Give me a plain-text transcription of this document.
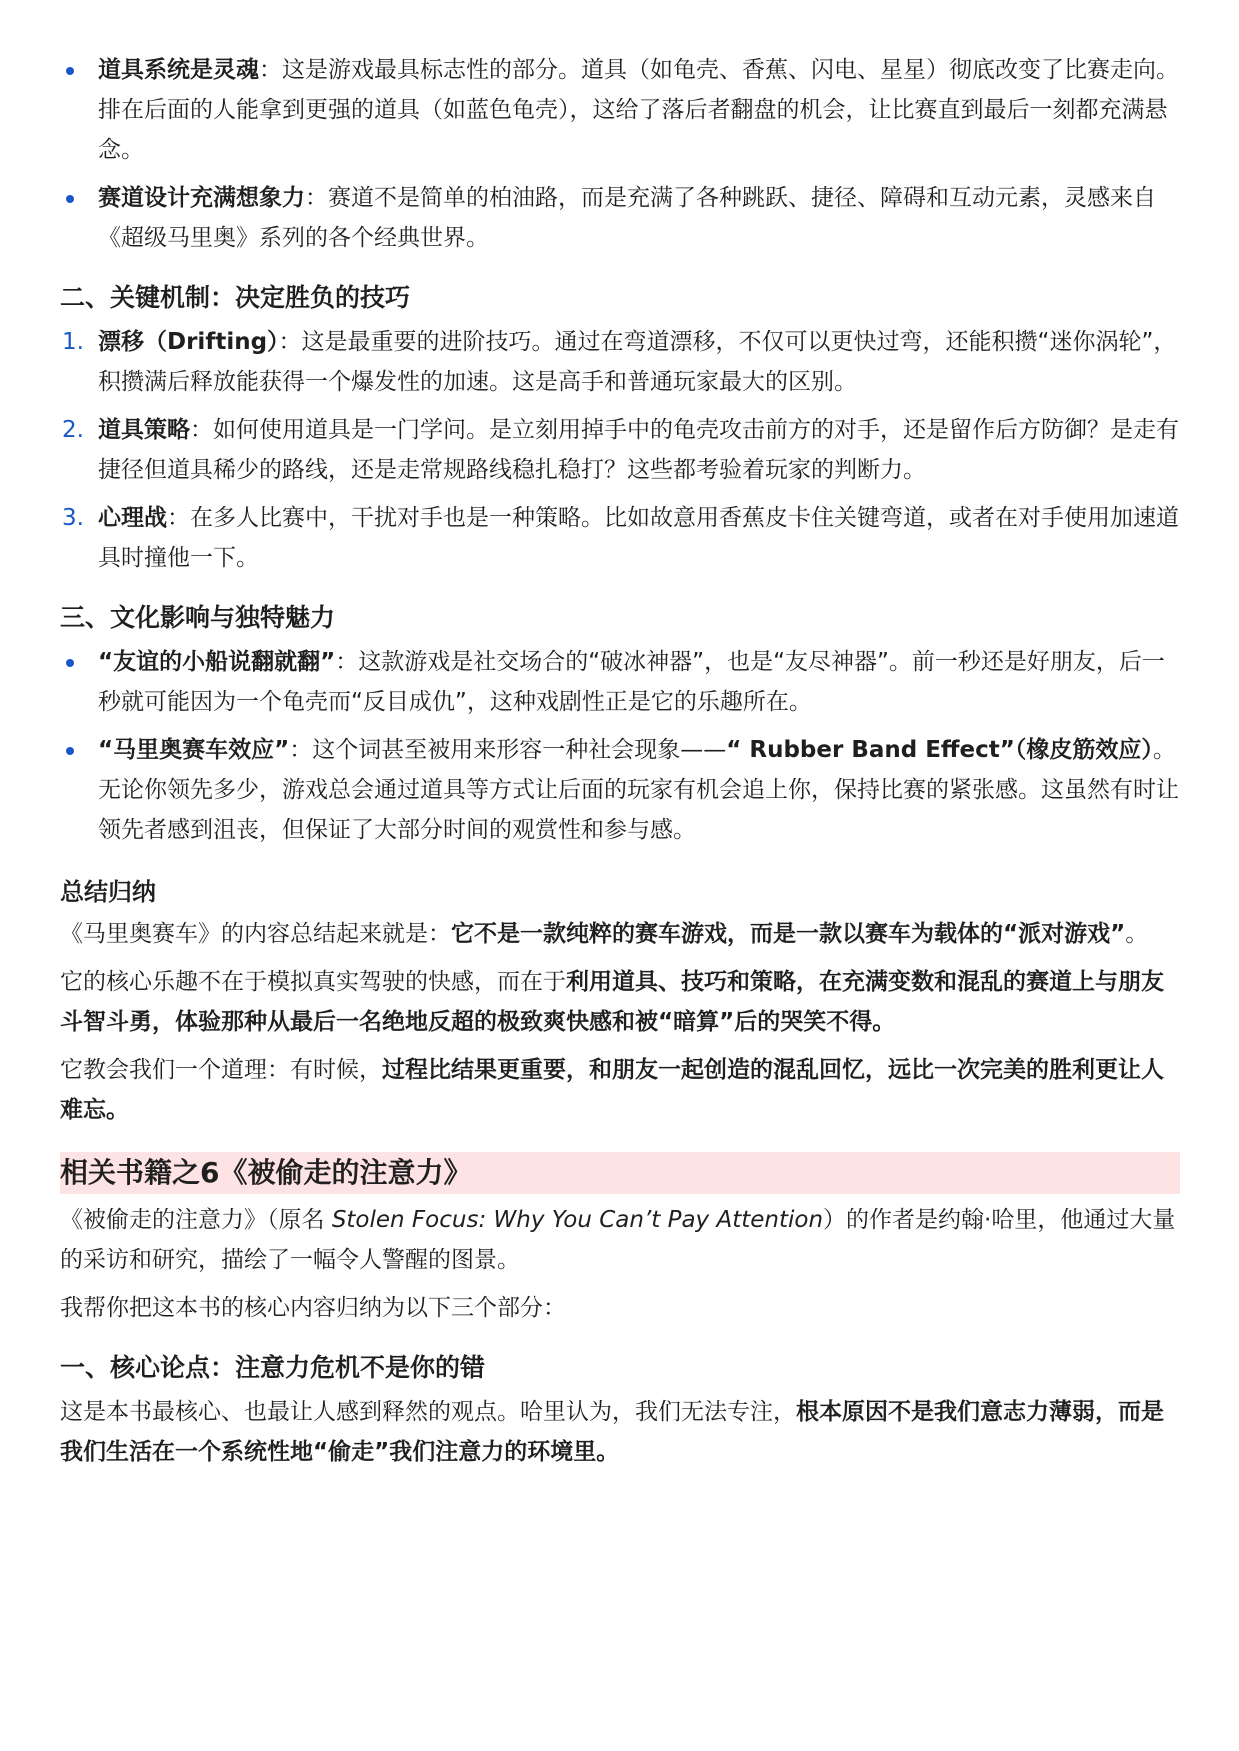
道具系统是灵魂：这是游戏最具标志性的部分。道具（如龟壳、香蕉、闪电、星星）彻底改变了比赛走向。排在后面的人能拿到更强的道具（如蓝色龟壳），这给了落后者翻盘的机会，让比赛直到最后一刻都充满悬念。
赛道设计充满想象力：赛道不是简单的柏油路，而是充满了各种跳跃、捷径、障碍和互动元素，灵感来自《超级马里奥》系列的各个经典世界。
二、关键机制：决定胜负的技巧
1. 漂移（Drifting）：这是最重要的进阶技巧。通过在弯道漂移，不仅可以更快过弯，还能积攒“迷你涡轮”，积攒满后释放能获得一个爆发性的加速。这是高手和普通玩家最大的区别。
2. 道具策略：如何使用道具是一门学问。是立刻用掉手中的龟壳攻击前方的对手，还是留作后方防御？是走有捷径但道具稀少的路线，还是走常规路线稳扎稳打？这些都考验着玩家的判断力。
3. 心理战：在多人比赛中，干扰对手也是一种策略。比如故意用香蕉皮卡住关键弯道，或者在对手使用加速道具时撞他一下。
三、文化影响与独特魅力
“友谊的小船说翻就翻”：这款游戏是社交场合的“破冰神器”，也是“友尽神器”。前一秒还是好朋友，后一秒就可能因为一个龟壳而“反目成仇”，这种戏剧性正是它的乐趣所在。
“马里奥赛车效应”：这个词甚至被用来形容一种社会现象——“ Rubber Band Effect”（橡皮筋效应）。无论你领先多少，游戏总会通过道具等方式让后面的玩家有机会追上你，保持比赛的紧张感。这虽然有时让领先者感到沮丧，但保证了大部分时间的观赏性和参与感。
总结归纳

《马里奥赛车》的内容总结起来就是：它不是一款纯粹的赛车游戏，而是一款以赛车为载体的“派对游戏”。

它的核心乐趣不在于模拟真实驾驶的快感，而在于利用道具、技巧和策略，在充满变数和混乱的赛道上与朋友斗智斗勇，体验那种从最后一名绝地反超的极致爽快感和被“暗算”后的哭笑不得。

它教会我们一个道理：有时候，过程比结果更重要，和朋友一起创造的混乱回忆，远比一次完美的胜利更让人难忘。

相关书籍之6《被偷走的注意力》

《被偷走的注意力》（原名 Stolen Focus: Why You Can’t Pay Attention）的作者是约翰·哈里，他通过大量的采访和研究，描绘了一幅令人警醒的图景。

我帮你把这本书的核心内容归纳为以下三个部分：

一、核心论点：注意力危机不是你的错

这是本书最核心、也最让人感到释然的观点。哈里认为，我们无法专注，根本原因不是我们意志力薄弱，而是我们生活在一个系统性地“偷走”我们注意力的环境里。
